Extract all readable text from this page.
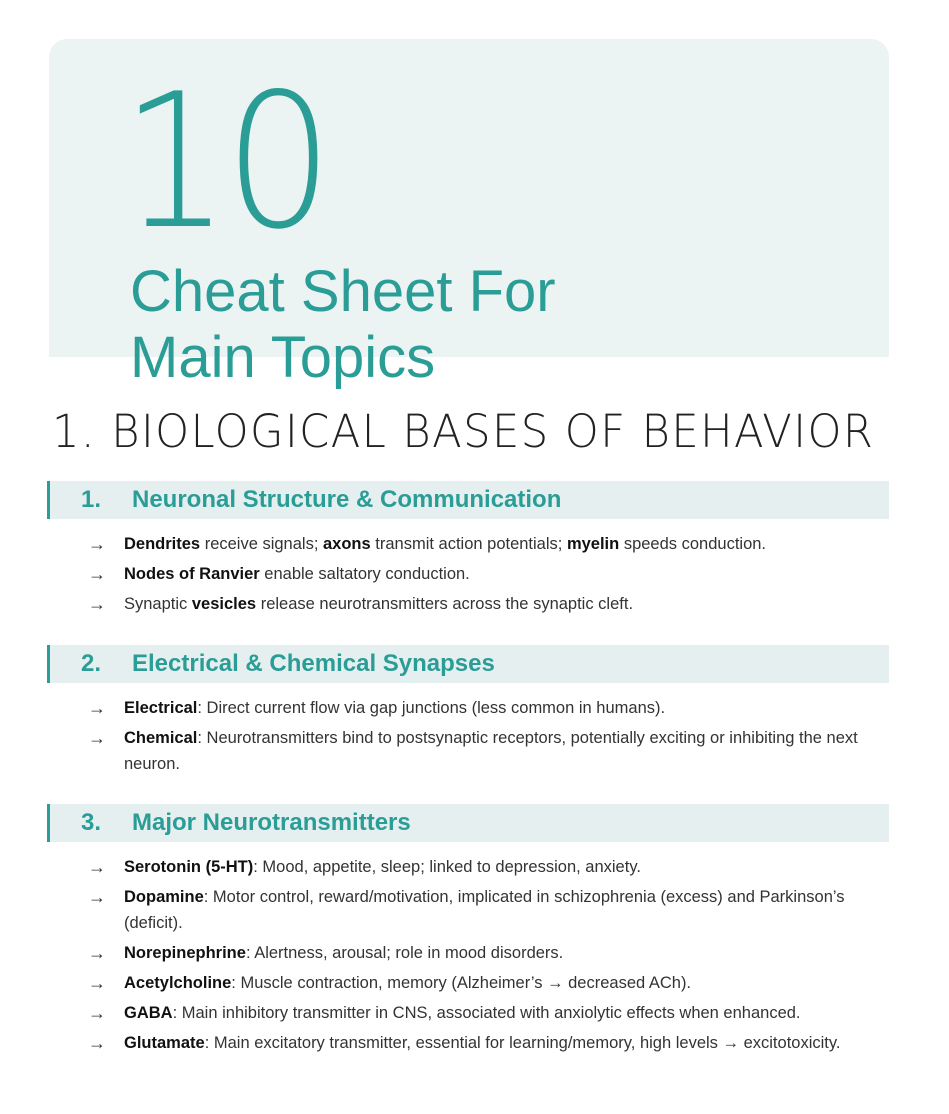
10
Cheat Sheet For
Main Topics
1. BIOLOGICAL BASES OF BEHAVIOR
1. Neuronal Structure & Communication
→ Dendrites receive signals; axons transmit action potentials; myelin speeds conduction.
→ Nodes of Ranvier enable saltatory conduction.
→ Synaptic vesicles release neurotransmitters across the synaptic cleft.
2. Electrical & Chemical Synapses
→ Electrical: Direct current flow via gap junctions (less common in humans).
→ Chemical: Neurotransmitters bind to postsynaptic receptors, potentially exciting or inhibiting the next neuron.
3. Major Neurotransmitters
→ Serotonin (5-HT): Mood, appetite, sleep; linked to depression, anxiety.
→ Dopamine: Motor control, reward/motivation, implicated in schizophrenia (excess) and Parkinson’s (deficit).
→ Norepinephrine: Alertness, arousal; role in mood disorders.
→ Acetylcholine: Muscle contraction, memory (Alzheimer’s → decreased ACh).
→ GABA: Main inhibitory transmitter in CNS, associated with anxiolytic effects when enhanced.
→ Glutamate: Main excitatory transmitter, essential for learning/memory, high levels → excitotoxicity.
